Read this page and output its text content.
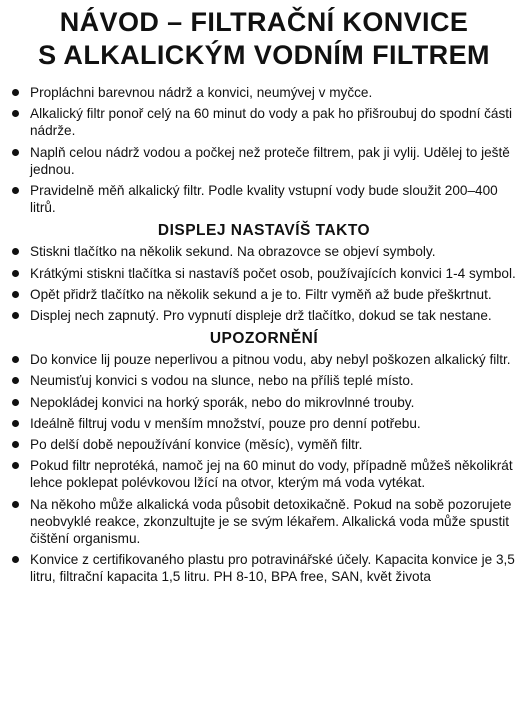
NÁVOD – FILTRAČNÍ KONVICE
S ALKALICKÝM VODNÍM FILTREM
Propláchni barevnou nádrž a konvici, neumývej v myčce.
Alkalický filtr ponoř celý na 60 minut do vody a pak ho přišroubuj do spodní části nádrže.
Naplň celou nádrž vodou a počkej než proteče filtrem, pak ji vylij. Udělej to ještě jednou.
Pravidelně měň alkalický filtr. Podle kvality vstupní vody bude sloužit 200–400 litrů.
DISPLEJ NASTAVÍŠ TAKTO
Stiskni tlačítko na několik sekund. Na obrazovce se objeví symboly.
Krátkými stiskni tlačítka si nastavíš počet osob, používajících konvici 1-4 symbol.
Opět přidrž tlačítko na několik sekund a je to. Filtr vyměň až bude přeškrtnut.
Displej nech zapnutý. Pro vypnutí displeje drž tlačítko, dokud se tak nestane.
UPOZORNĚNÍ
Do konvice lij pouze neperlivou a pitnou vodu, aby nebyl poškozen alkalický filtr.
Neumisťuj konvici s vodou na slunce, nebo na příliš teplé místo.
Nepokládej konvici na horký sporák, nebo do mikrovlnné trouby.
Ideálně filtruj vodu v menším množství, pouze pro denní potřebu.
Po delší době nepoužívání konvice (měsíc), vyměň filtr.
Pokud filtr neprotéká, namoč jej na 60 minut do vody, případně můžeš několikrát lehce poklepat polévkovou lžící na otvor, kterým má voda vytékat.
Na někoho může alkalická voda působit detoxikačně. Pokud na sobě pozorujete neobvyklé reakce, zkonzultujte je se svým lékařem. Alkalická voda může spustit čištění organismu.
Konvice z certifikovaného plastu pro potravinářské účely. Kapacita konvice je 3,5 litru, filtrační kapacita 1,5 litru. PH 8-10, BPA free, SAN, květ života
